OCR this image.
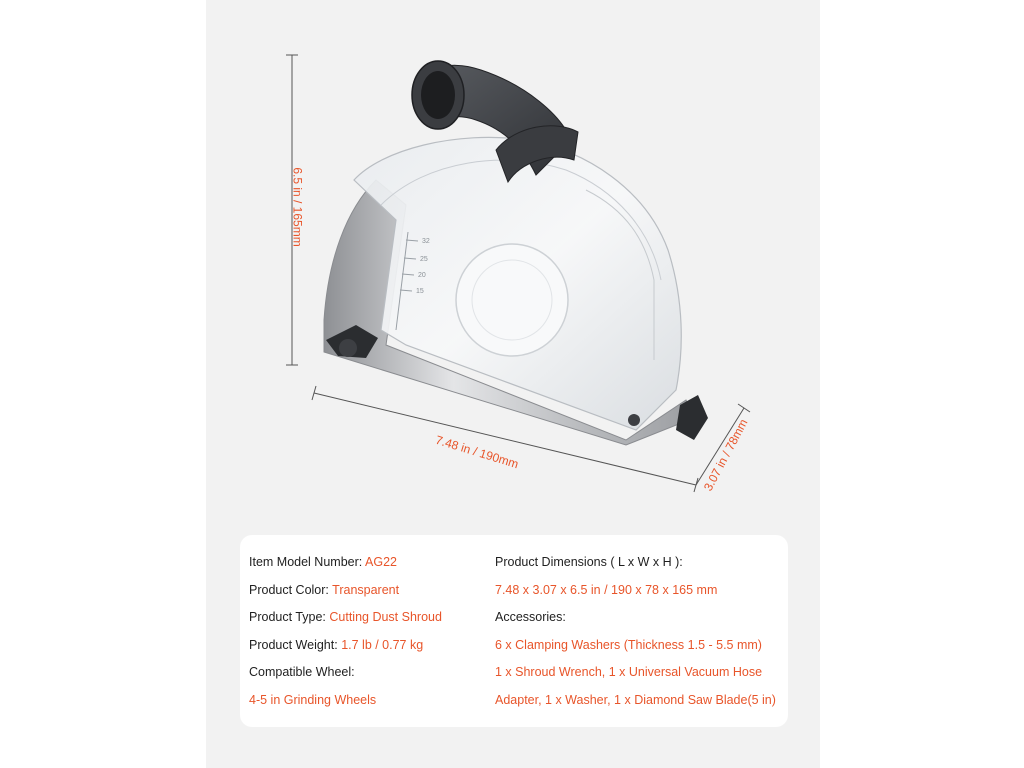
32
25
20
15
6.5 in / 165mm
7.48 in / 190mm	3.07 in / 78mm
Item Model Number: AG22
Product Color: Transparent
Product Type: Cutting Dust Shroud
Product Weight: 1.7 lb / 0.77 kg
Compatible Wheel:
4-5 in Grinding Wheels
Product Dimensions ( L x W x H ):
7.48 x 3.07 x 6.5 in / 190 x 78 x 165 mm
Accessories:
6 x Clamping Washers (Thickness 1.5 - 5.5 mm)
1 x Shroud Wrench, 1 x Universal Vacuum Hose
Adapter, 1 x Washer, 1 x Diamond Saw Blade(5 in)
